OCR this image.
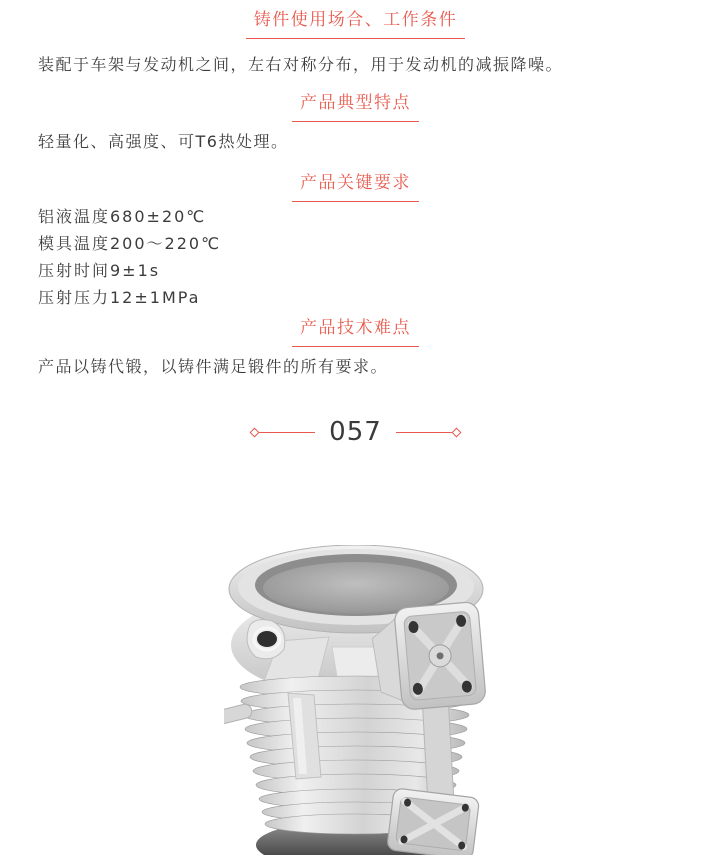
铸件使用场合、工作条件

装配于车架与发动机之间，左右对称分布，用于发动机的减振降噪。

产品典型特点

轻量化、高强度、可T6热处理。

产品关键要求
铝液温度680±20℃
模具温度200～220℃
压射时间9±1s
压射压力12±1MPa
产品技术难点

产品以铸代锻，以铸件满足锻件的所有要求。

057
